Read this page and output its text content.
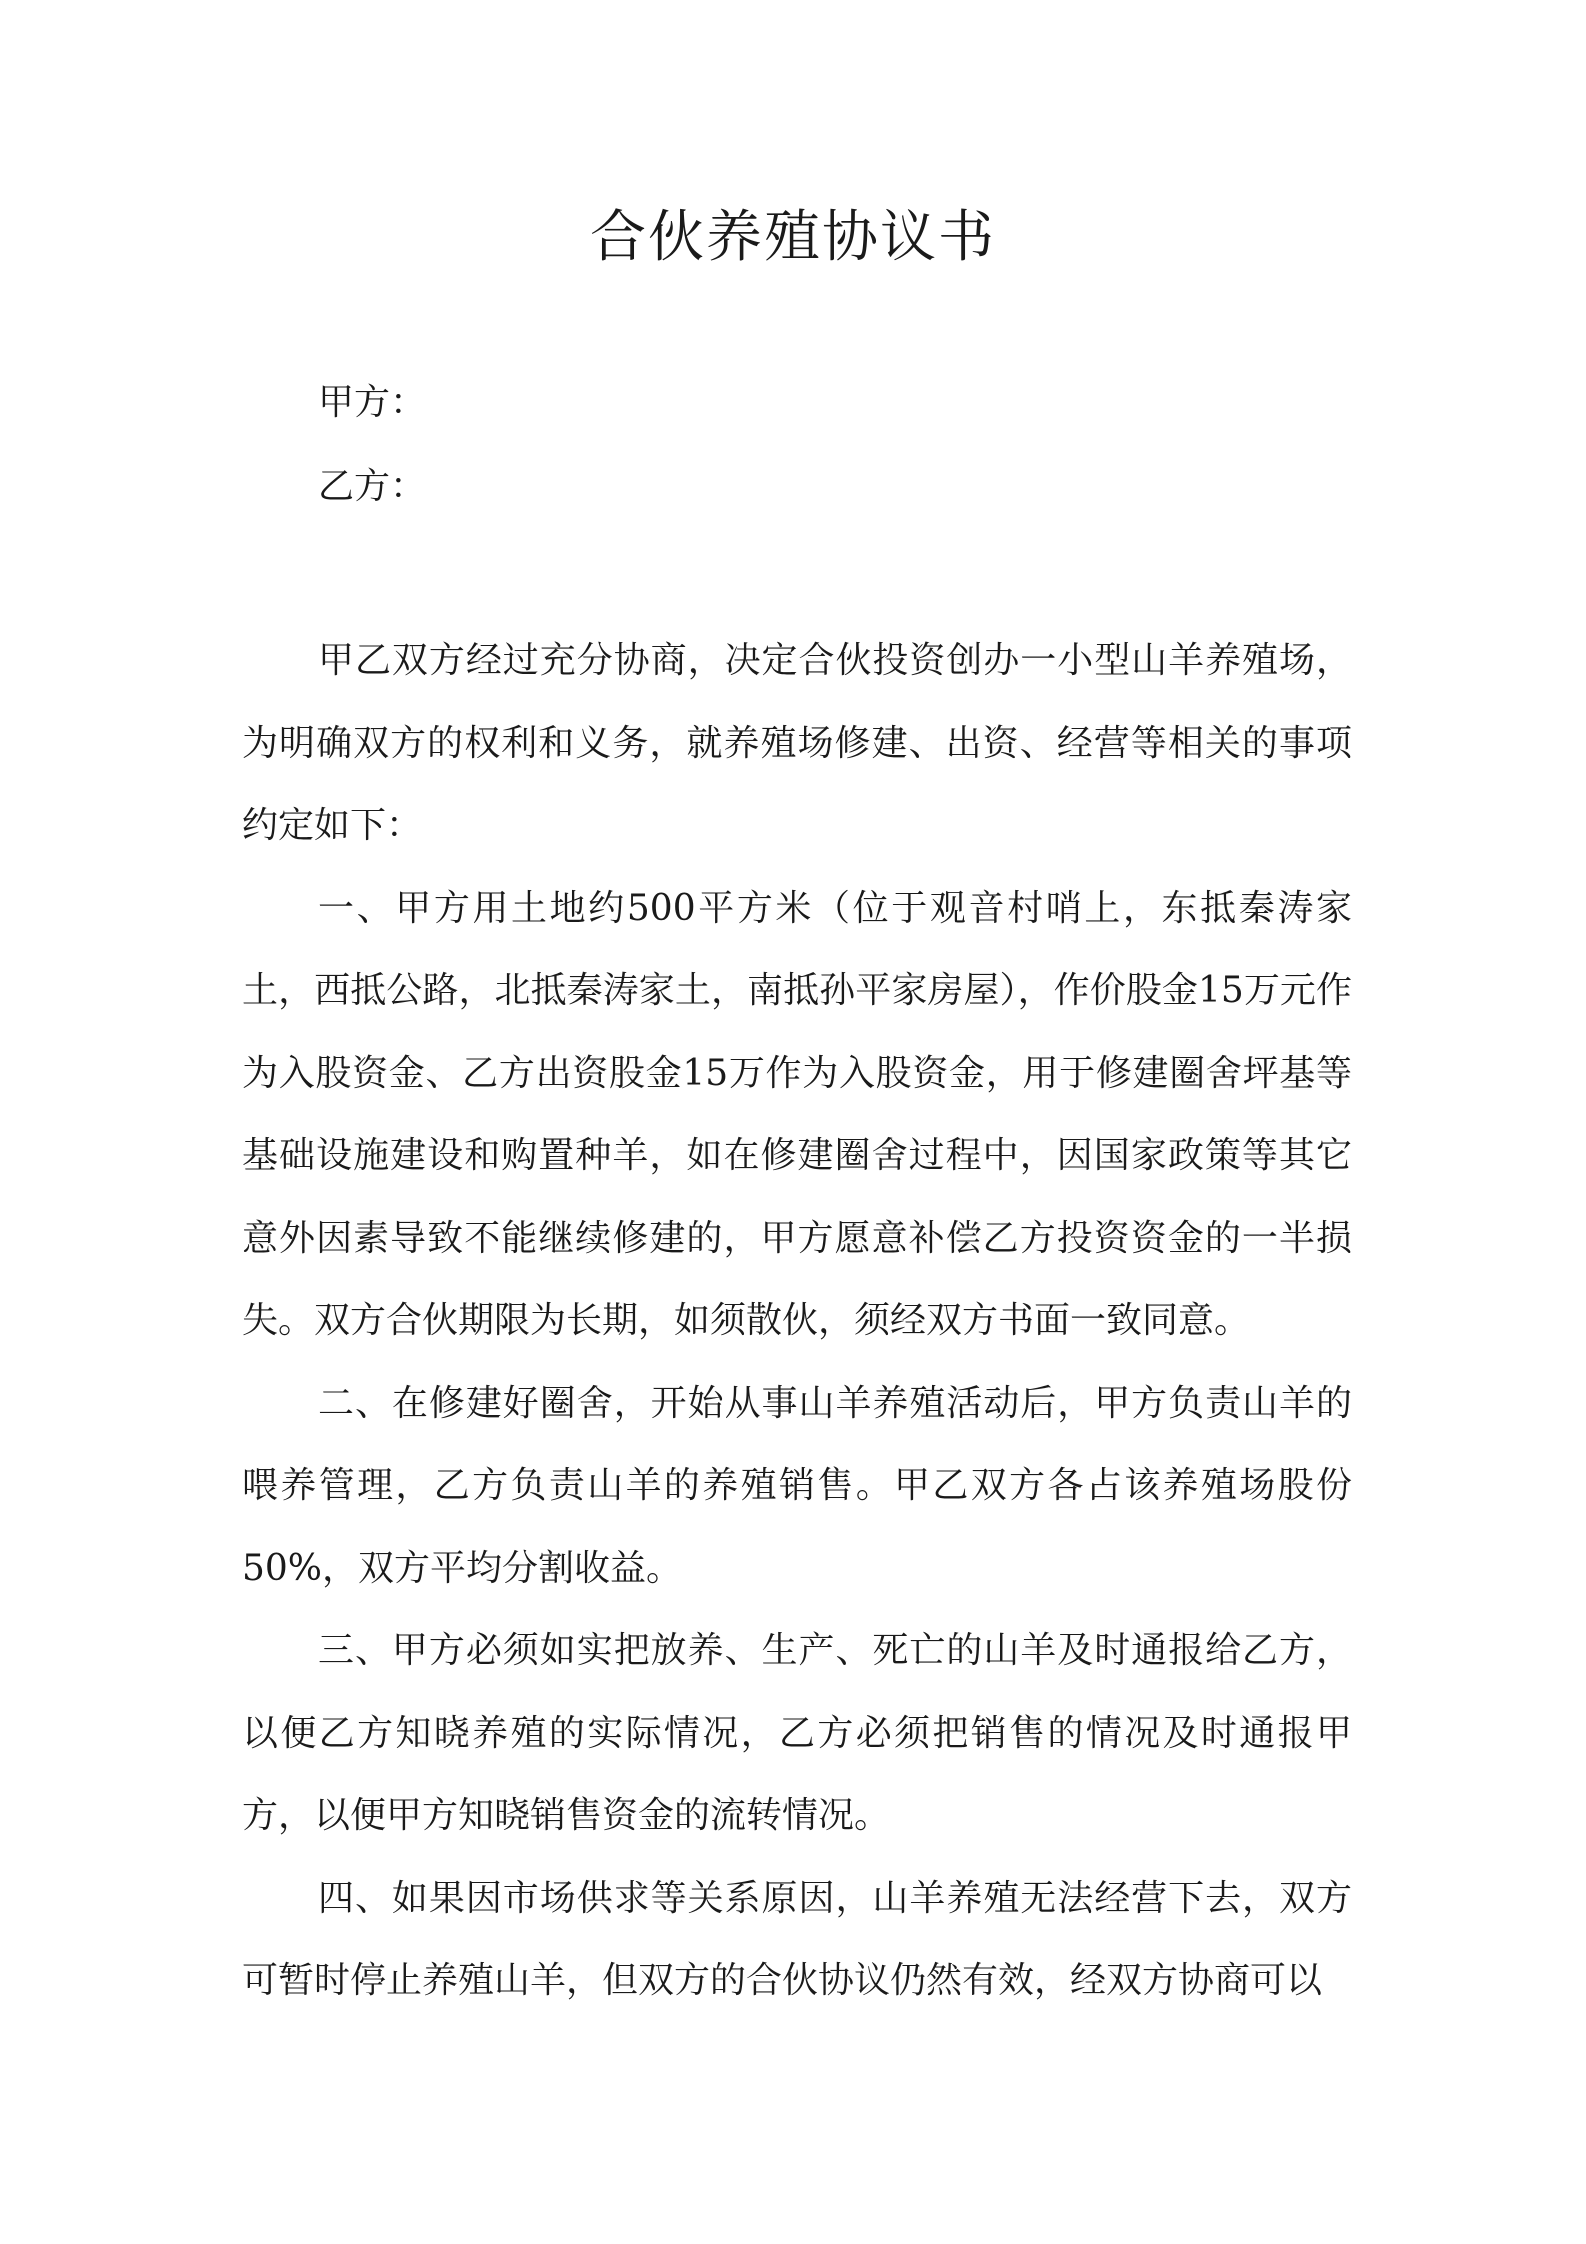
合伙养殖协议书

甲方：

乙方：

甲乙双方经过充分协商，决定合伙投资创办一小型山羊养殖场，为明确双方的权利和义务，就养殖场修建、出资、经营等相关的事项约定如下：

一、甲方用土地约500平方米（位于观音村哨上，东抵秦涛家土，西抵公路，北抵秦涛家土，南抵孙平家房屋），作价股金15万元作为入股资金、乙方出资股金15万作为入股资金，用于修建圈舍坪基等基础设施建设和购置种羊，如在修建圈舍过程中，因国家政策等其它意外因素导致不能继续修建的，甲方愿意补偿乙方投资资金的一半损失。双方合伙期限为长期，如须散伙，须经双方书面一致同意。

二、在修建好圈舍，开始从事山羊养殖活动后，甲方负责山羊的喂养管理，乙方负责山羊的养殖销售。甲乙双方各占该养殖场股份50%，双方平均分割收益。

三、甲方必须如实把放养、生产、死亡的山羊及时通报给乙方，以便乙方知晓养殖的实际情况，乙方必须把销售的情况及时通报甲方，以便甲方知晓销售资金的流转情况。

四、如果因市场供求等关系原因，山羊养殖无法经营下去，双方可暂时停止养殖山羊，但双方的合伙协议仍然有效，经双方协商可以
